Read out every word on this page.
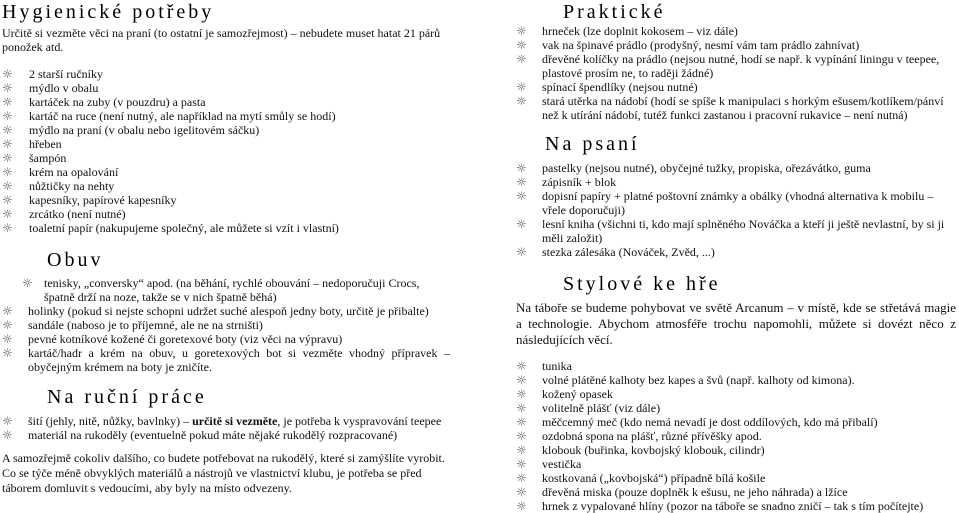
Hygienické potřeby

Určitě si vezměte věci na praní (to ostatní je samozřejmost) – nebudete muset hatat 21 párů ponožek atd.

☼	2 starší ručníky
☼	mýdlo v obalu
☼	kartáček na zuby (v pouzdru) a pasta
☼	kartáč na ruce (není nutný, ale například na mytí smůly se hodí)
☼	mýdlo na praní (v obalu nebo igelitovém sáčku)
☼	hřeben
☼	šampón
☼	krém na opalování
☼	nůžtičky na nehty
☼	kapesníky, papírové kapesníky
☼	zrcátko (není nutné)
☼	toaletní papír (nakupujeme společný, ale můžete si vzít i vlastní)
Obuv
☼ tenisky, „conversky“ apod. (na běhání, rychlé obouvání – nedoporučuji Crocs, špatně drží na noze, takže se v nich špatně běhá)
☼	holinky (pokud si nejste schopni udržet suché alespoň jedny boty, určitě je přibalte)
☼	sandále (naboso je to příjemné, ale ne na strništi)
☼	pevné kotníkové kožené či goretexové boty (viz věci na výpravu)
☼	kartáč/hadr a krém na obuv, u goretexových bot si vezměte vhodný přípravek – obyčejným krémem na boty je zničíte.
Na ruční práce
☼	šití (jehly, nitě, nůžky, bavlnky) – určitě si vezměte, je potřeba k vyspravování teepee
☼	materiál na rukoděly (eventuelně pokud máte nějaké rukodělý rozpracované)

A samozřejmě cokoliv dalšího, co budete potřebovat na rukodělý, které si zamýšlíte vyrobit. Co se týče méně obvyklých materiálů a nástrojů ve vlastnictví klubu, je potřeba se před táborem domluvit s vedoucími, aby byly na místo odvezeny.

Praktické
☼	hrneček (lze doplnit kokosem – viz dále)
☼	vak na špinavé prádlo (prodyšný, nesmí vám tam prádlo zahnívat)
☼	dřevěné kolíčky na prádlo (nejsou nutné, hodí se např. k vypínání liningu v teepee, plastové prosím ne, to raději žádné)
☼	spínací špendlíky (nejsou nutné)
☼	stará utěrka na nádobí (hodí se spíše k manipulaci s horkým ešusem/kotlíkem/pánví než k utírání nádobí, tutéž funkci zastanou i pracovní rukavice – není nutná)
Na psaní
☼	pastelky (nejsou nutné), obyčejné tužky, propiska, ořezávátko, guma
☼	zápisník + blok
☼	dopisní papíry + platné poštovní známky a obálky (vhodná alternativa k mobilu – vřele doporučuji)
☼	lesní kniha (všichni ti, kdo mají splněného Nováčka a kteří ji ještě nevlastní, by si ji měli založit)
☼	stezka zálesáka (Nováček, Zvěd, ...)
Stylové ke hře

Na táboře se budeme pohybovat ve světě Arcanum – v místě, kde se střetává magie a technologie. Abychom atmosféře trochu napomohli, můžete si dovézt něco z následujících věcí.

☼	tunika
☼	volné plátěné kalhoty bez kapes a švů (např. kalhoty od kimona).
☼	kožený opasek
☼	volitelně plášť (viz dále)
☼	měčcemný meč (kdo nemá nevadí je dost oddílových, kdo má přibalí)
☼	ozdobná spona na plášť, různé přívěšky apod.
☼	klobouk (buřinka, kovbojský klobouk, cilindr)
☼	vestička
☼	kostkovaná („kovbojská“) případně bílá košile
☼	dřevěná miska (pouze doplněk k ešusu, ne jeho náhrada) a lžíce
☼	hrnek z vypalované hlíny (pozor na táboře se snadno zničí – tak s tím počítejte)
